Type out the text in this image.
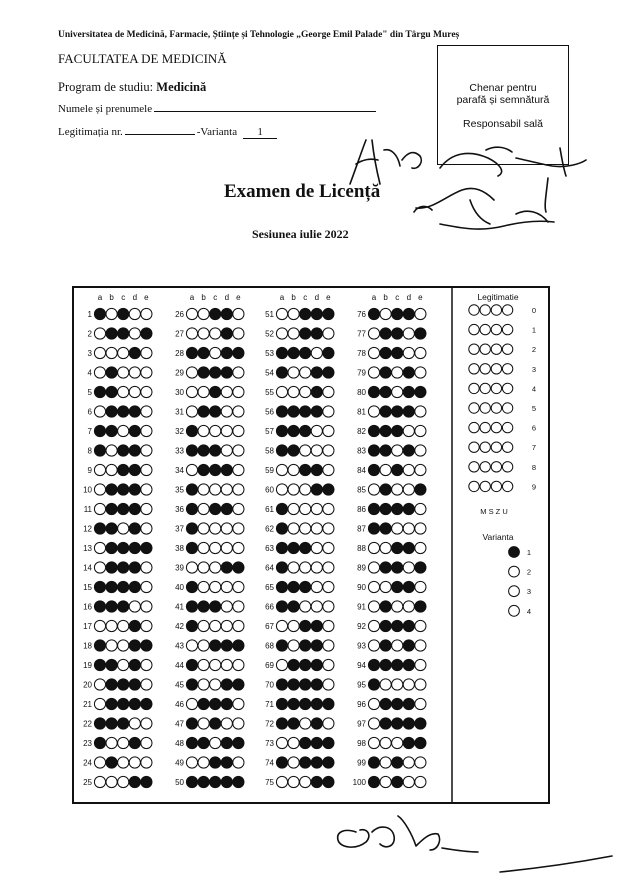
Universitatea de Medicină, Farmacie, Științe și Tehnologie „George Emil Palade" din Târgu Mureș
FACULTATEA DE MEDICINĂ
Program de studiu: Medicină
Numele și prenumele
Legitimația nr.	-Varianta 1
Chenar pentru
parafă și semnătură
Responsabil sală
Examen de Licență
Sesiunea iulie 2022
a b c d e
1
2
3
4
5
6
7
8
9
10
11
12
13
14
15
16
17
18
19
20
21
22
23
24
25
a b c d e
26
27
28
29
30
31
32
33
34
35
36
37
38
39
40
41
42
43
44
45
46
47
48
49
50
a b c d e
51
52
53
54
55
56
57
58
59
60
61
62
63
64
65
66
67
68
69
70
71
72
73
74
75
a b c d e
76
77
78
79
80
81
82
83
84
85
86
87
88
89
90
91
92
93
94
95
96
97
98
99
100
Legitimatie
0
1
2
3
4
5
6
7
8
9
M S Z U
Varianta
1
2
3
4
